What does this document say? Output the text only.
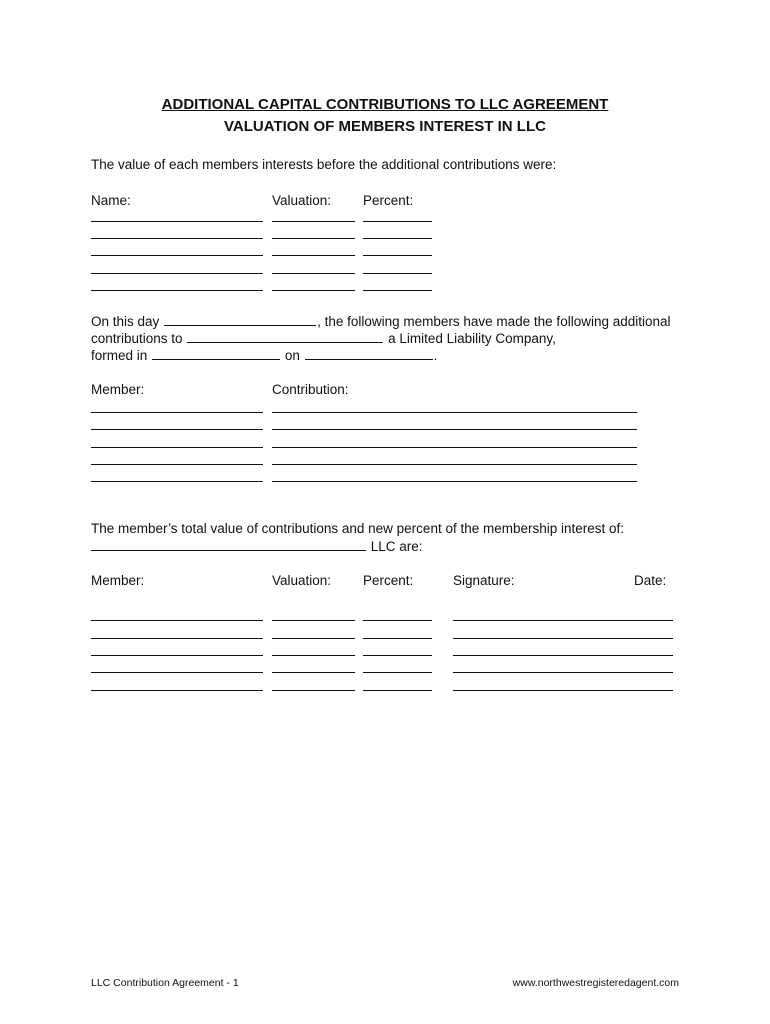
ADDITIONAL CAPITAL CONTRIBUTIONS TO LLC AGREEMENT
VALUATION OF MEMBERS INTEREST IN LLC
The value of each members interests before the additional contributions were:
Name:	Valuation: Percent:
On this day	, the following members have made the following additional
contributions to	a Limited Liability Company,
formed in	on	.
Member:	Contribution:
The member’s total value of contributions and new percent of the membership interest of:
LLC are:
Member:	Valuation: Percent:	Signature:	Date:
LLC Contribution Agreement - 1	www.northwestregisteredagent.com
